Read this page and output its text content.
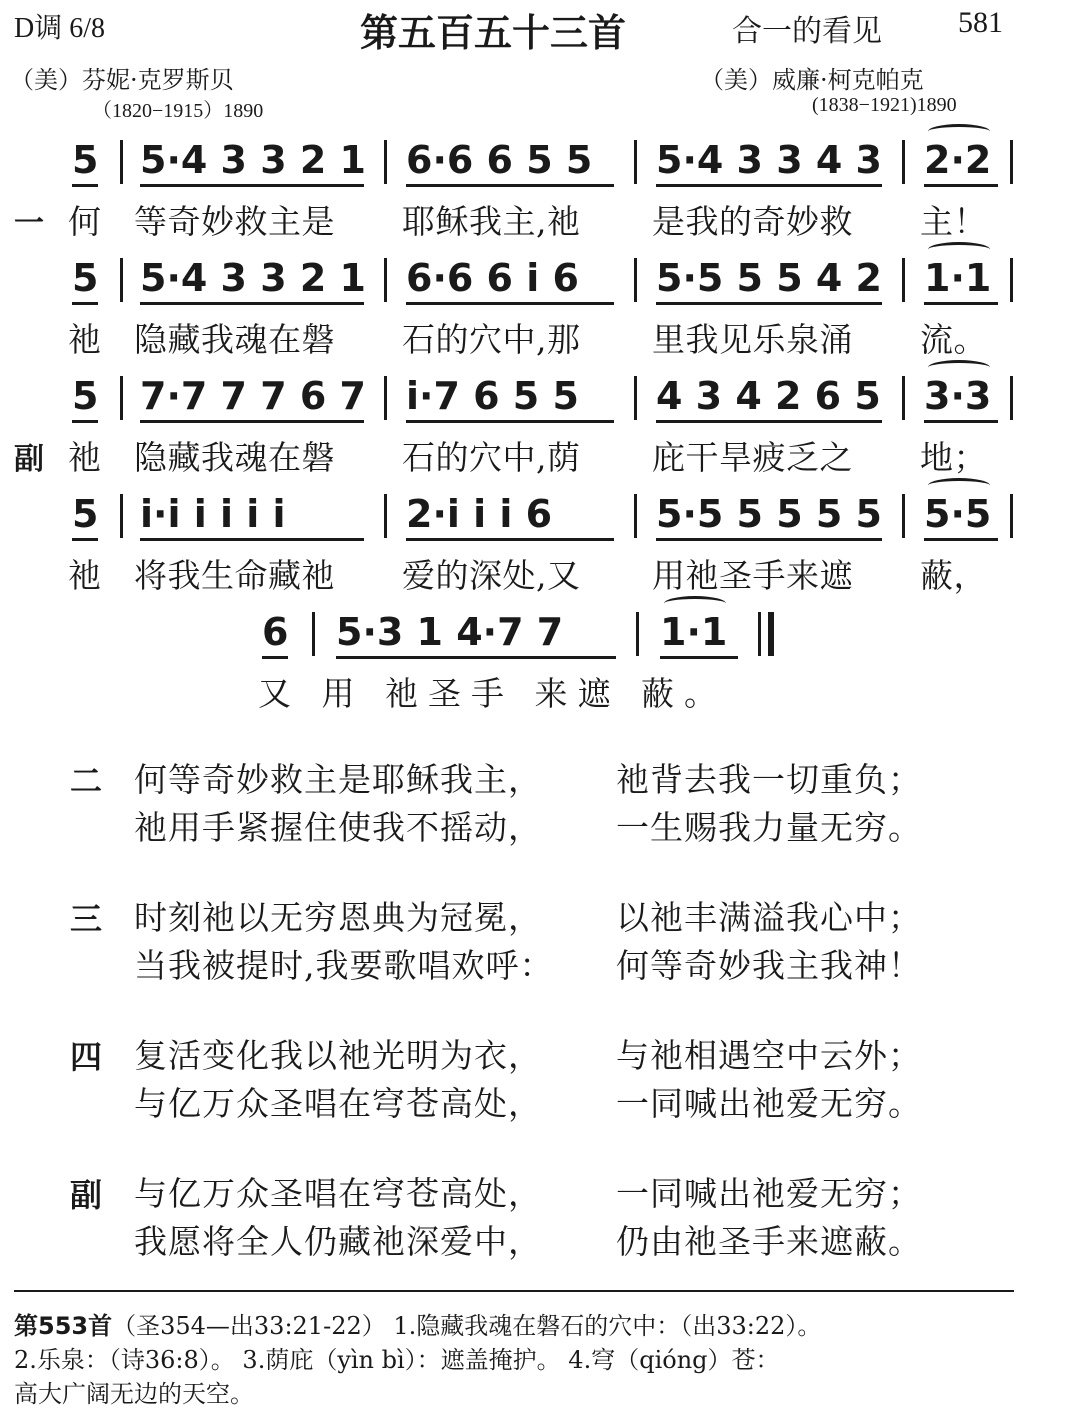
D调 6/8	第五百五十三首	合一的看见	581
（美）芬妮·克罗斯贝
（1820−1915）1890
（美）威廉·柯克帕克
(1838−1921)1890
一
5 5·4 3 3 2 1 6·6 6 5 5 5·4 3 3 4 3 2·2
何 等奇妙救主是 耶稣我主,祂 是我的奇妙救 主！
5 5·4 3 3 2 1 6·6 6 i 6 5·5 5 5 4 2 1·1
祂 隐藏我魂在磐 石的穴中,那 里我见乐泉涌 流。
副
5 7·7 7 7 6 7 i·7 6 5 5 4 3 4 2 6 5 3·3
祂 隐藏我魂在磐 石的穴中,荫 庇干旱疲乏之 地；
5 i·i i i i i	2·i i i 6	5·5 5 5 5 5 5·5
祂 将我生命藏祂 爱的深处,又 用祂圣手来遮 蔽，
6 5·3 1 4·7 7	1·1
又 用 祂圣手 来遮 蔽。
二 何等奇妙救主是耶稣我主， 祂背去我一切重负；
祂用手紧握住使我不摇动， 一生赐我力量无穷。
三 时刻祂以无穷恩典为冠冕， 以祂丰满溢我心中；
当我被提时,我要歌唱欢呼： 何等奇妙我主我神！
四 复活变化我以祂光明为衣， 与祂相遇空中云外；
与亿万众圣唱在穹苍高处， 一同喊出祂爱无穷。
副 与亿万众圣唱在穹苍高处， 一同喊出祂爱无穷；
我愿将全人仍藏祂深爱中， 仍由祂圣手来遮蔽。
第553首（圣354—出33:21-22） 1.隐藏我魂在磐石的穴中：（出33:22）。
2.乐泉：（诗36:8）。 3.荫庇（yìn bì）：遮盖掩护。 4.穹（qióng）苍：
高大广阔无边的天空。
